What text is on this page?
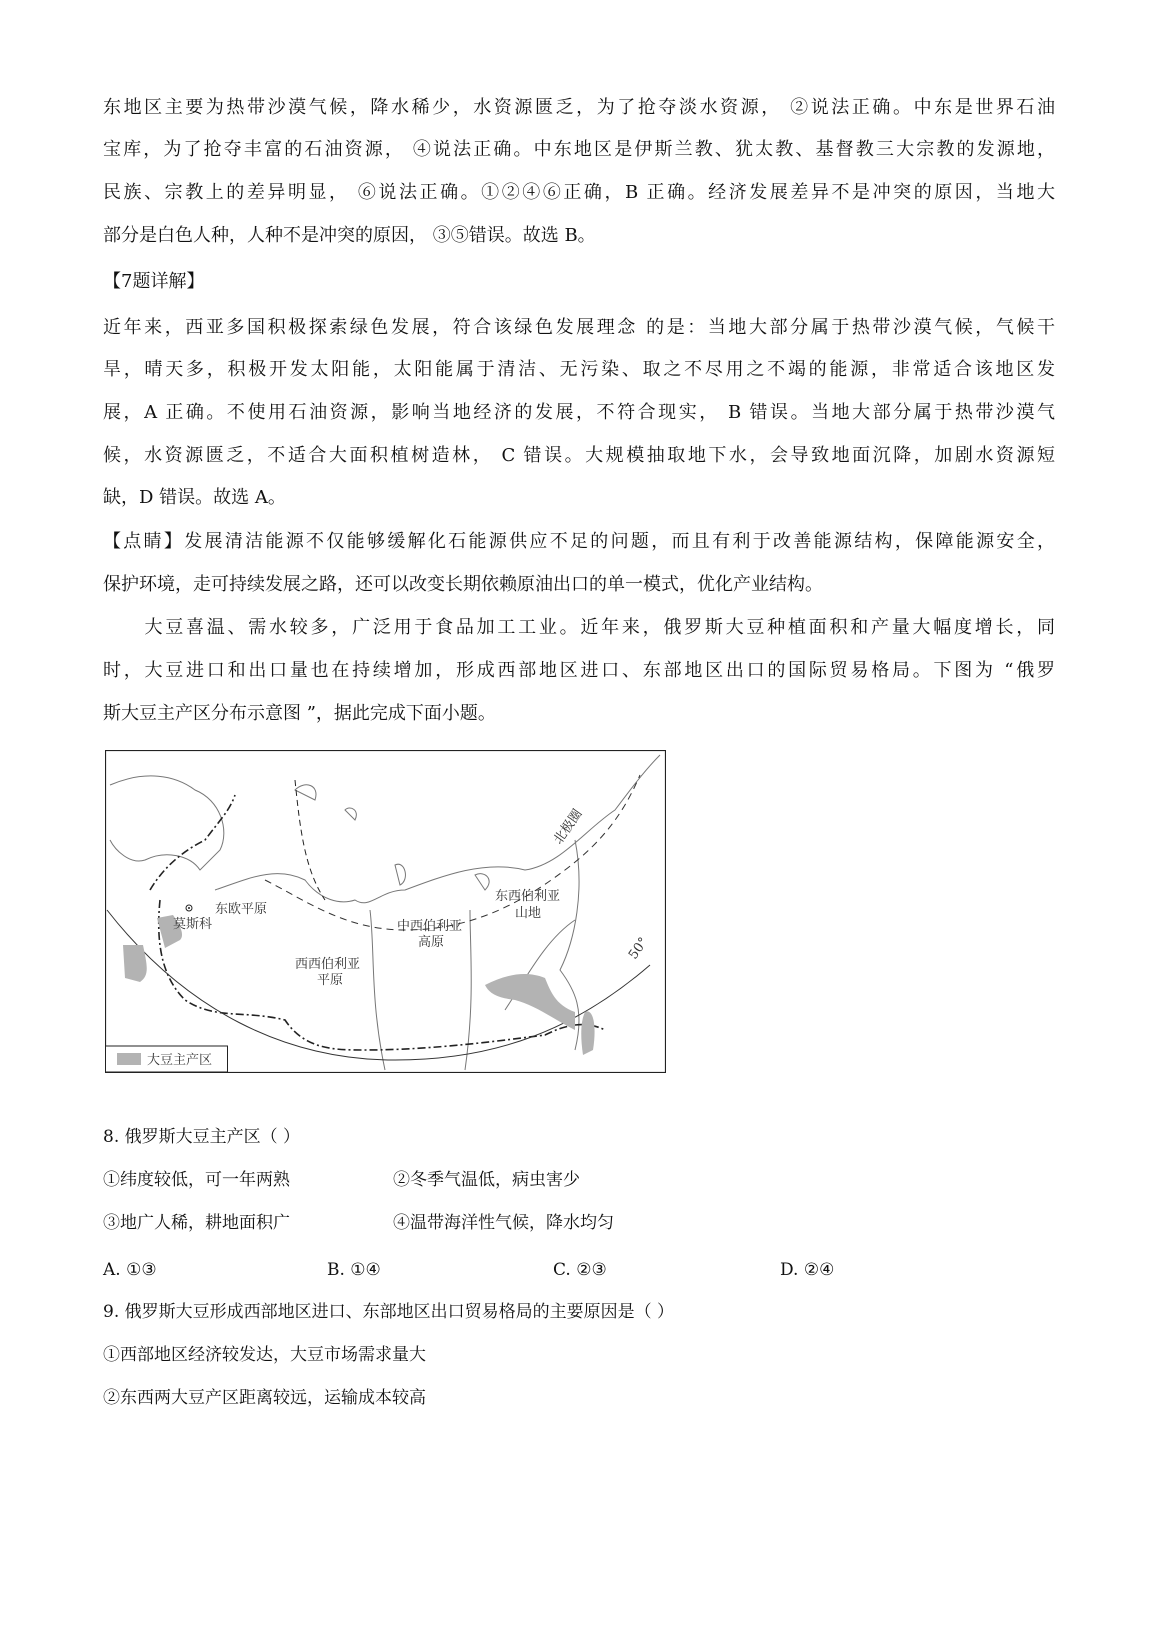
东地区主要为热带沙漠气候，降水稀少，水资源匮乏，为了抢夺淡水资源， ②说法正确。中东是世界石油
宝库，为了抢夺丰富的石油资源， ④说法正确。中东地区是伊斯兰教、犹太教、基督教三大宗教的发源地，
民族、宗教上的差异明显， ⑥说法正确。①②④⑥正确，B 正确。经济发展差异不是冲突的原因，当地大
部分是白色人种，人种不是冲突的原因， ③⑤错误。故选 B。
【7题详解】
近年来，西亚多国积极探索绿色发展，符合该绿色发展理念 的是：当地大部分属于热带沙漠气候，气候干
旱，晴天多，积极开发太阳能，太阳能属于清洁、无污染、取之不尽用之不竭的能源，非常适合该地区发
展，A 正确。不使用石油资源，影响当地经济的发展，不符合现实， B 错误。当地大部分属于热带沙漠气
候，水资源匮乏，不适合大面积植树造林， C 错误。大规模抽取地下水，会导致地面沉降，加剧水资源短
缺，D 错误。故选 A。
【点睛】发展清洁能源不仅能够缓解化石能源供应不足的问题，而且有利于改善能源结构，保障能源安全，
保护环境，走可持续发展之路，还可以改变长期依赖原油出口的单一模式，优化产业结构。
　　大豆喜温、需水较多，广泛用于食品加工工业。近年来，俄罗斯大豆种植面积和产量大幅度增长，同
时，大豆进口和出口量也在持续增加，形成西部地区进口、东部地区出口的国际贸易格局。下图为 “俄罗
斯大豆主产区分布示意图 ”，据此完成下面小题。
莫斯科
东欧平原
西西伯利亚
平原
中西伯利亚
高原
东西伯利亚
山地
北极圈
50°
大豆主产区
8. 俄罗斯大豆主产区（ ）
①纬度较低，可一年两熟	②冬季气温低，病虫害少
③地广人稀，耕地面积广	④温带海洋性气候，降水均匀
A. ①③	B. ①④	C. ②③	D. ②④
9. 俄罗斯大豆形成西部地区进口、东部地区出口贸易格局的主要原因是（ ）
①西部地区经济较发达，大豆市场需求量大
②东西两大豆产区距离较远，运输成本较高
